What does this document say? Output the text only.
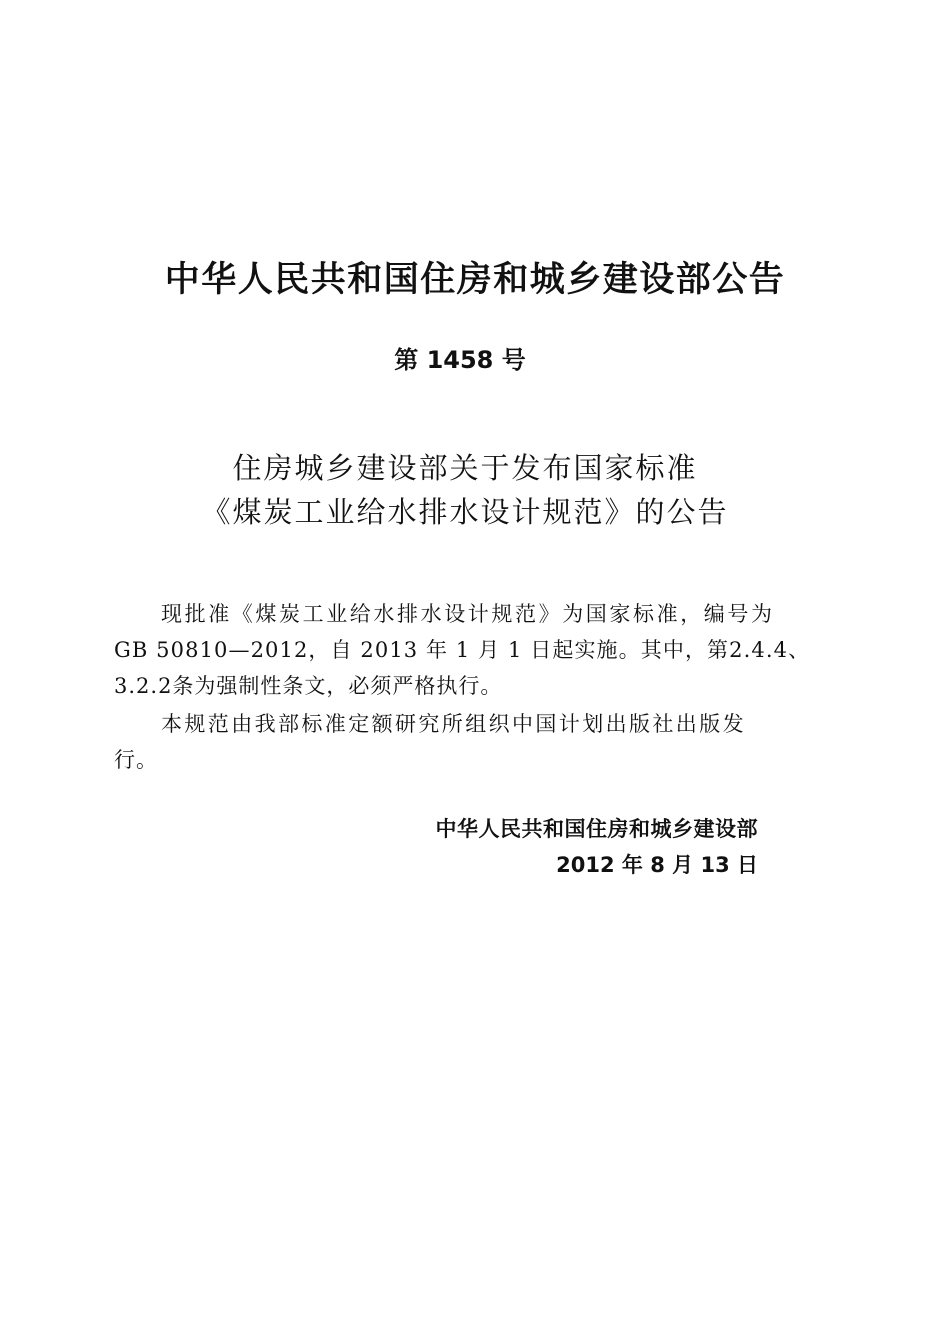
中华人民共和国住房和城乡建设部公告
第 1458 号
住房城乡建设部关于发布国家标准
《煤炭工业给水排水设计规范》的公告
现批准《煤炭工业给水排水设计规范》为国家标准，编号为
GB 50810—2012，自 2013 年 1 月 1 日起实施。其中，第2.4.4、
3.2.2条为强制性条文，必须严格执行。
本规范由我部标准定额研究所组织中国计划出版社出版发
行。
中华人民共和国住房和城乡建设部
2012 年 8 月 13 日
